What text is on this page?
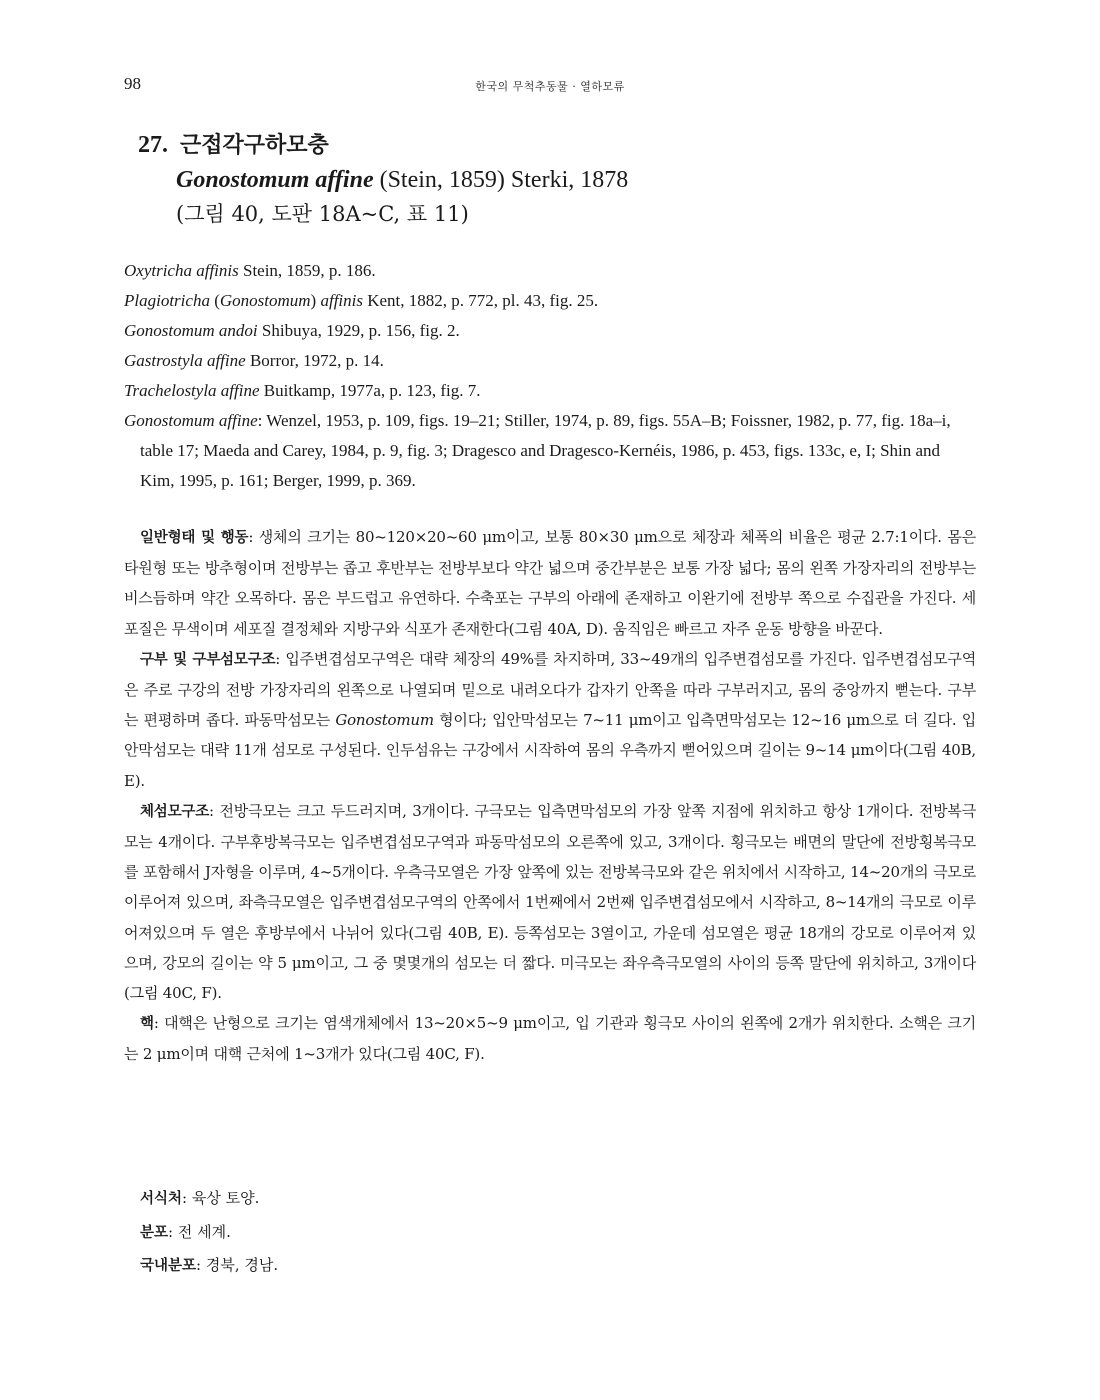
98	한국의 무척추동물 · 열하모류
27. 근접각구하모충
Gonostomum affine (Stein, 1859) Sterki, 1878
(그림 40, 도판 18A~C, 표 11)

Oxytricha affinis Stein, 1859, p. 186.

Plagiotricha (Gonostomum) affinis Kent, 1882, p. 772, pl. 43, fig. 25.

Gonostomum andoi Shibuya, 1929, p. 156, fig. 2.

Gastrostyla affine Borror, 1972, p. 14.

Trachelostyla affine Buitkamp, 1977a, p. 123, fig. 7.

Gonostomum affine: Wenzel, 1953, p. 109, figs. 19–21; Stiller, 1974, p. 89, figs. 55A–B; Foissner, 1982, p. 77, fig. 18a–i, table 17; Maeda and Carey, 1984, p. 9, fig. 3; Dragesco and Dragesco-Kernéis, 1986, p. 453, figs. 133c, e, I; Shin and Kim, 1995, p. 161; Berger, 1999, p. 369.

일반형태 및 행동: 생체의 크기는 80~120×20~60 μm이고, 보통 80×30 μm으로 체장과 체폭의 비율은 평균 2.7:1이다. 몸은 타원형 또는 방추형이며 전방부는 좁고 후반부는 전방부보다 약간 넓으며 중간부분은 보통 가장 넓다; 몸의 왼쪽 가장자리의 전방부는 비스듬하며 약간 오목하다. 몸은 부드럽고 유연하다. 수축포는 구부의 아래에 존재하고 이완기에 전방부 쪽으로 수집관을 가진다. 세포질은 무색이며 세포질 결정체와 지방구와 식포가 존재한다(그림 40A, D). 움직임은 빠르고 자주 운동 방향을 바꾼다.

구부 및 구부섬모구조: 입주변겹섬모구역은 대략 체장의 49%를 차지하며, 33~49개의 입주변겹섬모를 가진다. 입주변겹섬모구역은 주로 구강의 전방 가장자리의 왼쪽으로 나열되며 밑으로 내려오다가 갑자기 안쪽을 따라 구부러지고, 몸의 중앙까지 뻗는다. 구부는 편평하며 좁다. 파동막섬모는 Gonostomum 형이다; 입안막섬모는 7~11 μm이고 입측면막섬모는 12~16 μm으로 더 길다. 입안막섬모는 대략 11개 섬모로 구성된다. 인두섬유는 구강에서 시작하여 몸의 우측까지 뻗어있으며 길이는 9~14 μm이다(그림 40B, E).

체섬모구조: 전방극모는 크고 두드러지며, 3개이다. 구극모는 입측면막섬모의 가장 앞쪽 지점에 위치하고 항상 1개이다. 전방복극모는 4개이다. 구부후방복극모는 입주변겹섬모구역과 파동막섬모의 오른쪽에 있고, 3개이다. 횡극모는 배면의 말단에 전방횡복극모를 포함해서 J자형을 이루며, 4~5개이다. 우측극모열은 가장 앞쪽에 있는 전방복극모와 같은 위치에서 시작하고, 14~20개의 극모로 이루어져 있으며, 좌측극모열은 입주변겹섬모구역의 안쪽에서 1번째에서 2번째 입주변겹섬모에서 시작하고, 8~14개의 극모로 이루어져있으며 두 열은 후방부에서 나뉘어 있다(그림 40B, E). 등쪽섬모는 3열이고, 가운데 섬모열은 평균 18개의 강모로 이루어져 있으며, 강모의 길이는 약 5 μm이고, 그 중 몇몇개의 섬모는 더 짧다. 미극모는 좌우측극모열의 사이의 등쪽 말단에 위치하고, 3개이다(그림 40C, F).

핵: 대핵은 난형으로 크기는 염색개체에서 13~20×5~9 μm이고, 입 기관과 횡극모 사이의 왼쪽에 2개가 위치한다. 소핵은 크기는 2 μm이며 대핵 근처에 1~3개가 있다(그림 40C, F).

서식처: 육상 토양.

분포: 전 세계.

국내분포: 경북, 경남.
